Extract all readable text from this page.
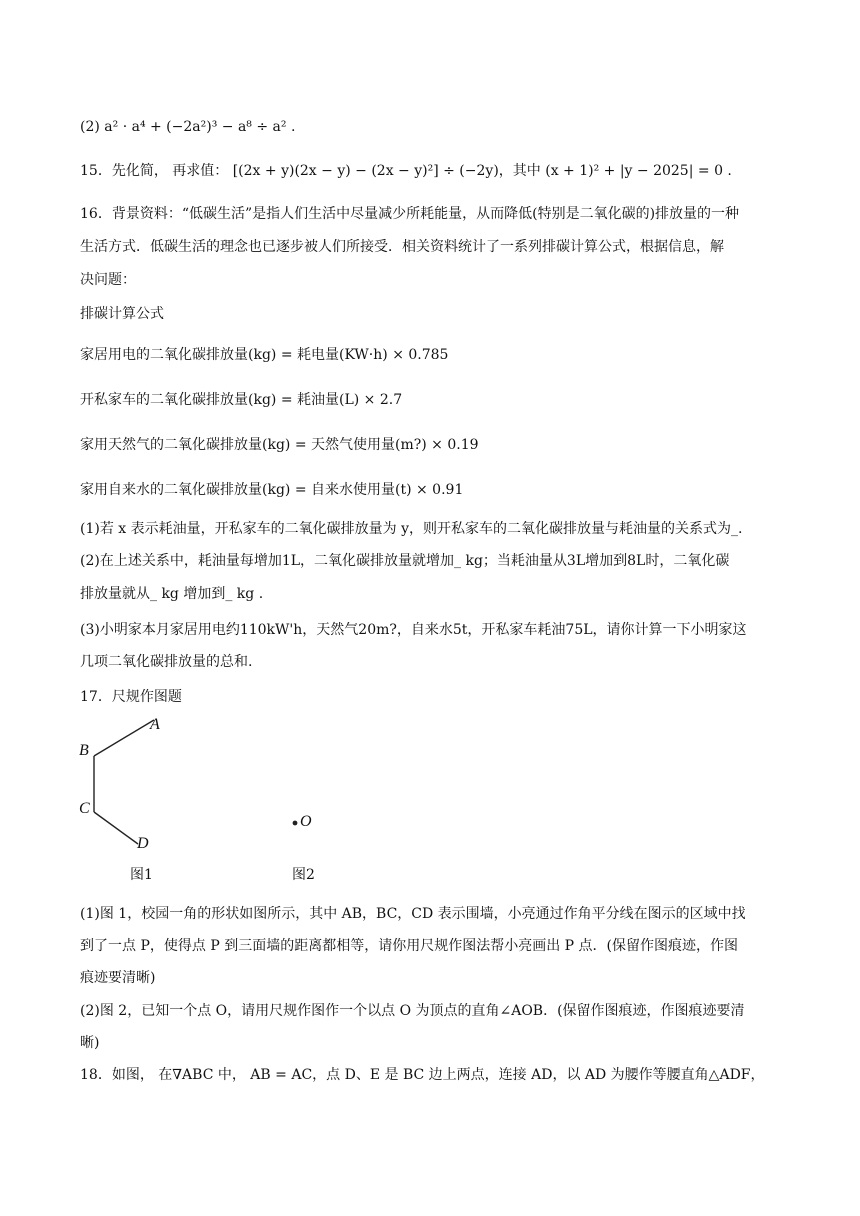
(2) a² · a⁴ + (−2a²)³ − a⁸ ÷ a² .
15．先化简， 再求值： [(2x + y)(2x − y) − (2x − y)²] ÷ (−2y)，其中 (x + 1)² + |y − 2025| = 0 .
16．背景资料：“低碳生活”是指人们生活中尽量减少所耗能量，从而降低(特别是二氧化碳的)排放量的一种
生活方式．低碳生活的理念也已逐步被人们所接受．相关资料统计了一系列排碳计算公式，根据信息，解
决问题：
排碳计算公式
家居用电的二氧化碳排放量(kg) = 耗电量(KW·h) × 0.785
开私家车的二氧化碳排放量(kg) = 耗油量(L) × 2.7
家用天然气的二氧化碳排放量(kg) = 天然气使用量(m?) × 0.19
家用自来水的二氧化碳排放量(kg) = 自来水使用量(t) × 0.91
(1)若 x 表示耗油量，开私家车的二氧化碳排放量为 y，则开私家车的二氧化碳排放量与耗油量的关系式为_.
(2)在上述关系中，耗油量每增加1L，二氧化碳排放量就增加_ kg；当耗油量从3L增加到8L时，二氧化碳
排放量就从_ kg 增加到_ kg .
(3)小明家本月家居用电约110kW'h，天然气20m?，自来水5t，开私家车耗油75L，请你计算一下小明家这
几项二氧化碳排放量的总和.
17．尺规作图题
A
B
C
D
O
图1	图2
(1)图 1，校园一角的形状如图所示，其中 AB，BC，CD 表示围墙，小亮通过作角平分线在图示的区域中找
到了一点 P，使得点 P 到三面墙的距离都相等，请你用尺规作图法帮小亮画出 P 点．(保留作图痕迹，作图
痕迹要清晰)
(2)图 2，已知一个点 O，请用尺规作图作一个以点 O 为顶点的直角∠AOB．(保留作图痕迹，作图痕迹要清
晰)
18．如图， 在∇ABC 中， AB = AC，点 D、E 是 BC 边上两点，连接 AD，以 AD 为腰作等腰直角△ADF，
